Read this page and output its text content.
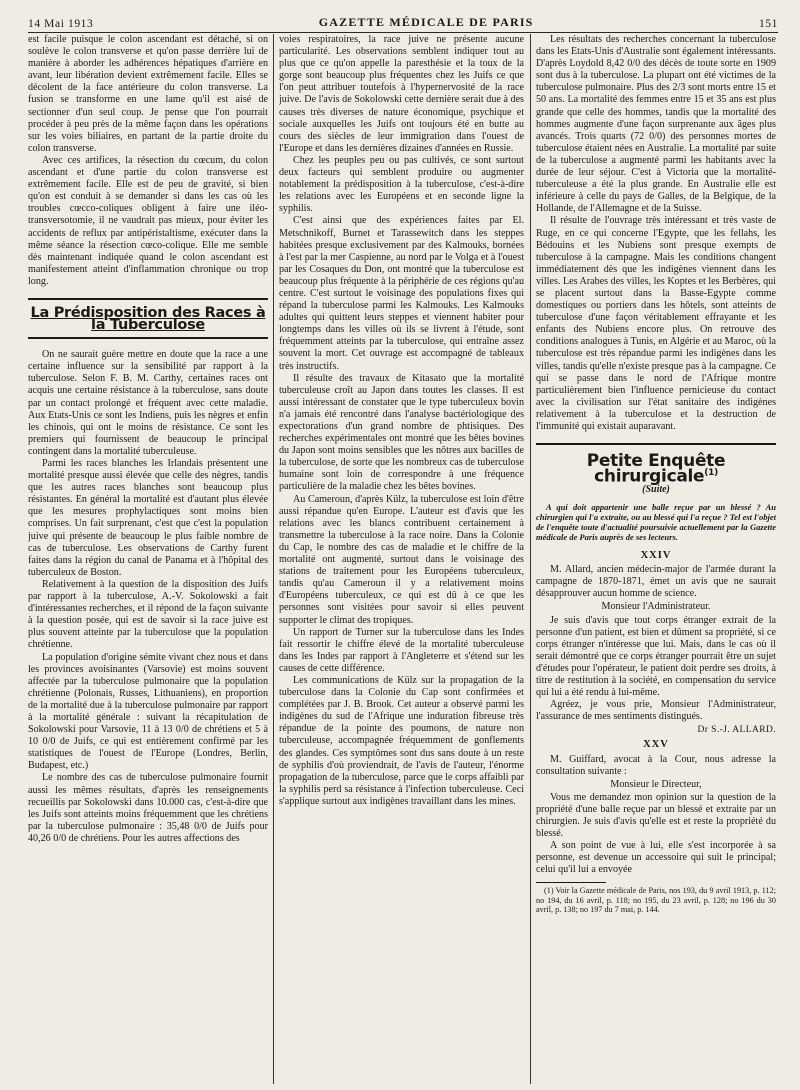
14 Mai 1913	GAZETTE MÉDICALE DE PARIS	151

est facile puisque le colon ascendant est détaché, si on soulève le colon transverse et qu'on passe derrière lui de manière à aborder les adhérences hépatiques d'arrière en avant, leur libération devient extrêmement facile. Elles se décolent de la face antérieure du colon transverse. La fusion se transforme en une lame qu'il est aisé de sectionner d'un seul coup. Je pense que l'on pourrait procéder à peu près de la même façon dans les opérations sur les voies biliaires, en partant de la partie droite du colon transverse.

Avec ces artifices, la résection du cœcum, du colon ascendant et d'une partie du colon transverse est extrêmement facile. Elle est de peu de gravité, si bien qu'on est conduit à se demander si dans les cas où les troubles cœcco-coliques obligent à faire une iléo-transversotomie, il ne vaudrait pas mieux, pour éviter les accidents de reflux par antipéristaltisme, exécuter dans la même séance la résection cœco-colique. Elle me semble dès maintenant indiquée quand le colon ascendant est manifestement atteint d'inflammation chronique ou trop long.

La Prédisposition des Races à la Tuberculose

On ne saurait guère mettre en doute que la race a une certaine influence sur la sensibilité par rapport à la tuberculose. Selon F. B. M. Carthy, certaines races ont acquis une certaine résistance à la tuberculose, sans doute par un contact prolongé et fréquent avec cette maladie. Aux Etats-Unis ce sont les Indiens, puis les nègres et enfin les chinois, qui ont le moins de résistance. Ce sont les premiers qui fournissent de beaucoup le principal contingent dans la mortalité tuberculeuse.

Parmi les races blanches les Irlandais présentent une mortalité presque aussi élevée que celle des nègres, tandis que les autres races blanches sont beaucoup plus résistantes. En général la mortalité est d'autant plus élevée que les mesures prophylactiques sont moins bien comprises. Un fait surprenant, c'est que c'est la population juive qui présente de beaucoup le plus faible nombre de cas de tuberculose. Les observations de Carthy furent faites dans la région du canal de Panama et à l'hôpital des tuberculeux de Boston.

Relativement à la question de la disposition des Juifs par rapport à la tuberculose, A.-V. Sokolowski a fait d'intéressantes recherches, et il répond de la façon suivante à la question posée, qui est de savoir si la race juive est plus souvent atteinte par la tuberculose que la population chrétienne.

La population d'origine sémite vivant chez nous et dans les provinces avoisinantes (Varsovie) est moins souvent affectée par la tuberculose pulmonaire que la population chrétienne (Polonais, Russes, Lithuaniens), en proportion de la mortalité due à la tuberculose pulmonaire par rapport à la mortalité générale : suivant la récapitulation de Sokolowski pour Varsovie, 11 à 13 0/0 de chrétiens et 5 à 10 0/0 de Juifs, ce qui est entièrement confirmé par les statistiques de l'ouest de l'Europe (Londres, Berlin, Budapest, etc.)

Le nombre des cas de tuberculose pulmonaire fournit aussi les mêmes résultats, d'après les renseignements recueillis par Sokolowski dans 10.000 cas, c'est-à-dire que les Juifs sont atteints moins fréquemment que les chrétiens par la tuberculose pulmonaire : 35,48 0/0 de Juifs pour 40,26 0/0 de chrétiens. Pour les autres affections des

voies respiratoires, la race juive ne présente aucune particularité. Les observations semblent indiquer tout au plus que ce qu'on appelle la paresthésie et la toux de la gorge sont beaucoup plus fréquentes chez les Juifs ce que l'on peut attribuer toutefois à l'hypernervosité de la race juive. De l'avis de Sokolowski cette dernière serait due à des causes très diverses de nature économique, psychique et sociale auxquelles les Juifs ont toujours été en butte au cours des siècles de leur immigration dans l'ouest de l'Europe et dans les dernières dizaines d'années en Russie.

Chez les peuples peu ou pas cultivés, ce sont surtout deux facteurs qui semblent produire ou augmenter notablement la prédisposition à la tuberculose, c'est-à-dire les relations avec les Européens et en seconde ligne la syphilis.

C'est ainsi que des expériences faites par El. Metschnikoff, Burnet et Tarassewitch dans les steppes habitées presque exclusivement par des Kalmouks, bornées à l'est par la mer Caspienne, au nord par le Volga et à l'ouest par les Cosaques du Don, ont montré que la tuberculose est beaucoup plus fréquente à la périphérie de ces régions qu'au centre. C'est surtout le voisinage des populations fixes qui répand la tuberculose parmi les Kalmouks. Les Kalmouks adultes qui quittent leurs steppes et viennent habiter pour longtemps dans les villes où ils se livrent à l'étude, sont fréquemment atteints par la tuberculose, qui entraîne assez souvent la mort. Cet ouvrage est accompagné de tableaux très instructifs.

Il résulte des travaux de Kitasato que la mortalité tuberculeuse croît au Japon dans toutes les classes. Il est aussi intéressant de constater que le type tuberculeux bovin n'a jamais été rencontré dans l'analyse bactériologique des expectorations d'un grand nombre de phtisiques. Des recherches expérimentales ont montré que les bêtes bovines du Japon sont moins sensibles que les nôtres aux bacilles de la tuberculose, de sorte que les nombreux cas de tuberculose humaine sont loin de correspondre à une fréquence particulière de la maladie chez les bêtes bovines.

Au Cameroun, d'après Külz, la tuberculose est loin d'être aussi répandue qu'en Europe. L'auteur est d'avis que les relations avec les blancs contribuent certainement à transmettre la tuberculose à la race noire. Dans la Colonie du Cap, le nombre des cas de maladie et le chiffre de la mortalité ont augmenté, surtout dans le voisinage des stations de traitement pour les Européens tuberculeux, tandis qu'au Cameroun il y a relativement moins d'Européens tuberculeux, ce qui est dû à ce que les personnes sont visitées pour savoir si elles peuvent supporter le climat des tropiques.

Un rapport de Turner sur la tuberculose dans les Indes fait ressortir le chiffre élevé de la mortalité tuberculeuse dans les Indes par rapport à l'Angleterre et s'étend sur les causes de cette différence.

Les communications de Külz sur la propagation de la tuberculose dans la Colonie du Cap sont confirmées et complétées par J. B. Brook. Cet auteur a observé parmi les indigènes du sud de l'Afrique une induration fibreuse très répandue de la pointe des poumons, de nature non tuberculeuse, accompagnée fréquemment de gonflements des glandes. Ces symptômes sont dus sans doute à un reste de syphilis d'où proviendrait, de l'avis de l'auteur, l'énorme propagation de la tuberculose, parce que le corps affaibli par la syphilis perd sa résistance à l'infection tuberculeuse. Ceci s'applique surtout aux indigènes travaillant dans les mines.

Les résultats des recherches concernant la tuberculose dans les Etats-Unis d'Australie sont également intéressants. D'après Loydold 8,42 0/0 des décès de toute sorte en 1909 sont dus à la tuberculose. La plupart ont été victimes de la tuberculose pulmonaire. Plus des 2/3 sont morts entre 15 et 50 ans. La mortalité des femmes entre 15 et 35 ans est plus grande que celle des hommes, tandis que la mortalité des hommes augmente d'une façon surprenante aux âges plus avancés. Trois quarts (72 0/0) des personnes mortes de tuberculose étaient nées en Australie. La mortalité par suite de la tuberculose a augmenté parmi les habitants avec la durée de leur séjour. C'est à Victoria que la mortalité-tuberculeuse a été la plus grande. En Australie elle est inférieure à celle du pays de Galles, de la Belgique, de la Hollande, de l'Allemagne et de la Suisse.

Il résulte de l'ouvrage très intéressant et très vaste de Ruge, en ce qui concerne l'Egypte, que les fellahs, les Bédouins et les Nubiens sont presque exempts de tuberculose à la campagne. Mais les conditions changent immédiatement dès que les indigènes viennent dans les villes. Les Arabes des villes, les Koptes et les Berbères, qui se placent surtout dans la Basse-Egypte comme domestiques ou portiers dans les hôtels, sont atteints de tuberculose d'une façon véritablement effrayante et les enfants des Nubiens encore plus. On retrouve des conditions analogues à Tunis, en Algérie et au Maroc, où la tuberculose est très répandue parmi les indigènes dans les villes, tandis qu'elle n'existe presque pas à la campagne. Ce qui se passe dans le nord de l'Afrique montre particulièrement bien l'influence pernicieuse du contact avec la civilisation sur l'état sanitaire des indigènes relativement à la tuberculose et la destruction de l'immunité qui existait auparavant.

Petite Enquête chirurgicale$^{(1)}$
(Suite)

A qui doit appartenir une balle reçue par un blessé ? Au chirurgien qui l'a extraite, ou au blessé qui l'a reçue ? Tel est l'objet de l'enquête toute d'actualité poursuivie actuellement par la Gazette médicale de Paris auprès de ses lecteurs.

XXIV

M. Allard, ancien médecin-major de l'armée durant la campagne de 1870-1871, émet un avis que ne saurait désapprouver aucun homme de science.

Monsieur l'Administrateur.

Je suis d'avis que tout corps étranger extrait de la personne d'un patient, est bien et dûment sa propriété, si ce corps étranger n'intéresse que lui. Mais, dans le cas où il serait démontré que ce corps étranger pourrait être un sujet d'études pour l'opérateur, le patient doit perdre ses droits, à titre de restitution à la société, en compensation du service qui lui a été rendu à lui-même.

Agréez, je vous prie, Monsieur l'Administrateur, l'assurance de mes sentiments distingués.

Dr S.-J. ALLARD.
XXV

M. Guiffard, avocat à la Cour, nous adresse la consultation suivante :

Monsieur le Directeur,

Vous me demandez mon opinion sur la question de la propriété d'une balle reçue par un blessé et extraite par un chirurgien. Je suis d'avis qu'elle est et reste la propriété du blessé.

A son point de vue à lui, elle s'est incorporée à sa personne, est devenue un accessoire qui suit le principal; celui qu'il lui a envoyée

(1) Voir la Gazette médicale de Paris, nos 193, du 9 avril 1913, p. 112; no 194, du 16 avril, p. 118; no 195, du 23 avril, p. 128; no 196 du 30 avril, p. 138; no 197 du 7 mai, p. 144.
